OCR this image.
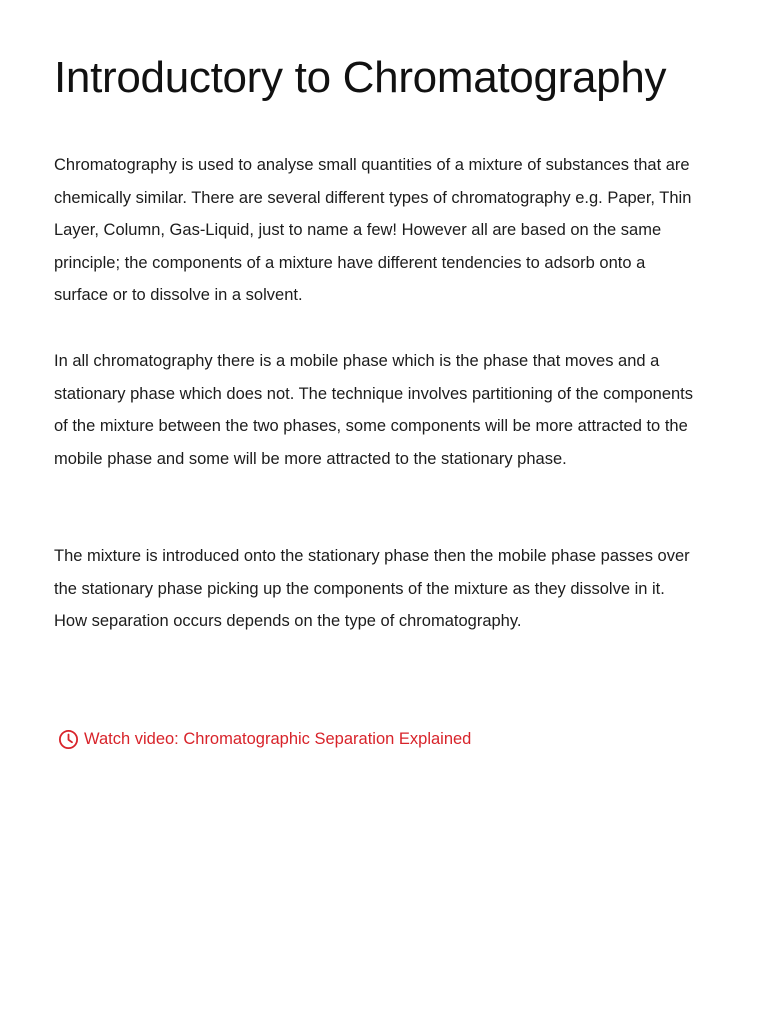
Introductory to Chromatography

Chromatography is used to analyse small quantities of a mixture of substances that are chemically similar. There are several different types of chromatography e.g. Paper, Thin Layer, Column, Gas-Liquid, just to name a few! However all are based on the same principle; the components of a mixture have different tendencies to adsorb onto a surface or to dissolve in a solvent.

In all chromatography there is a mobile phase which is the phase that moves and a stationary phase which does not. The technique involves partitioning of the components of the mixture between the two phases, some components will be more attracted to the mobile phase and some will be more attracted to the stationary phase.

The mixture is introduced onto the stationary phase then the mobile phase passes over the stationary phase picking up the components of the mixture as they dissolve in it. How separation occurs depends on the type of chromatography.

Watch video: Chromatographic Separation Explained
